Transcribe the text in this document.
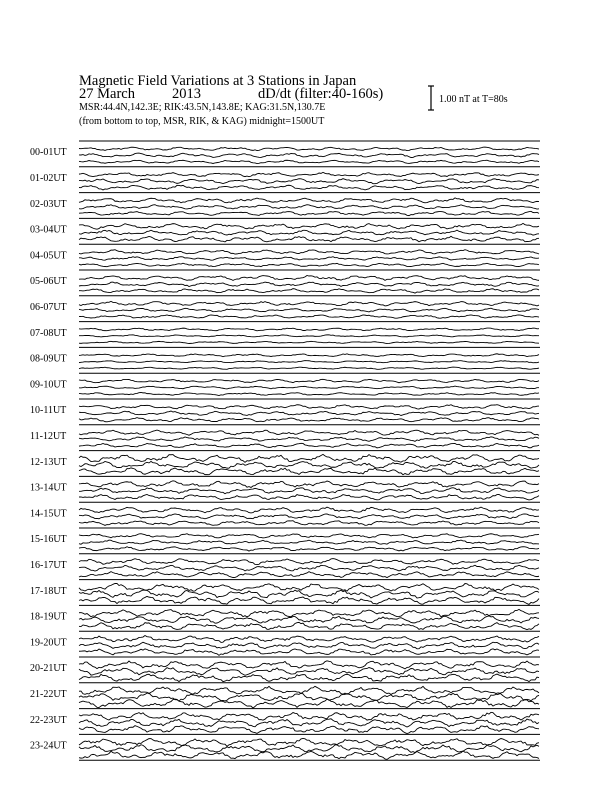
Magnetic Field Variations at 3 Stations in Japan
27 March	2013	dD/dt (filter:40-160s)
MSR:44.4N,142.3E; RIK:43.5N,143.8E; KAG:31.5N,130.7E
(from bottom to top, MSR, RIK, & KAG) midnight=1500UT
1.00 nT at T=80s
00-01UT
01-02UT
02-03UT
03-04UT
04-05UT
05-06UT
06-07UT
07-08UT
08-09UT
09-10UT
10-11UT
11-12UT
12-13UT
13-14UT
14-15UT
15-16UT
16-17UT
17-18UT
18-19UT
19-20UT
20-21UT
21-22UT
22-23UT
23-24UT
